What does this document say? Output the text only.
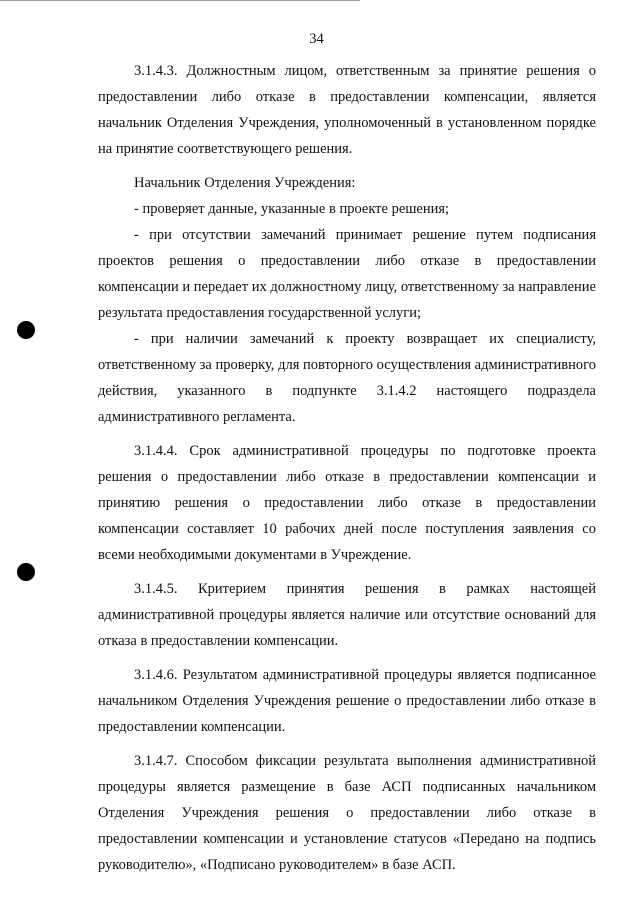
34

3.1.4.3. Должностным лицом, ответственным за принятие решения о предоставлении либо отказе в предоставлении компенсации, является начальник Отделения Учреждения, уполномоченный в установленном порядке на принятие соответствующего решения.

Начальник Отделения Учреждения:

- проверяет данные, указанные в проекте решения;

- при отсутствии замечаний принимает решение путем подписания проектов решения о предоставлении либо отказе в предоставлении компенсации и передает их должностному лицу, ответственному за направление результата предоставления государственной услуги;

- при наличии замечаний к проекту возвращает их специалисту, ответственному за проверку, для повторного осуществления административного действия, указанного в подпункте 3.1.4.2 настоящего подраздела административного регламента.

3.1.4.4. Срок административной процедуры по подготовке проекта решения о предоставлении либо отказе в предоставлении компенсации и принятию решения о предоставлении либо отказе в предоставлении компенсации составляет 10 рабочих дней после поступления заявления со всеми необходимыми документами в Учреждение.

3.1.4.5. Критерием принятия решения в рамках настоящей административной процедуры является наличие или отсутствие оснований для отказа в предоставлении компенсации.

3.1.4.6. Результатом административной процедуры является подписанное начальником Отделения Учреждения решение о предоставлении либо отказе в предоставлении компенсации.

3.1.4.7. Способом фиксации результата выполнения административной процедуры является размещение в базе АСП подписанных начальником Отделения Учреждения решения о предоставлении либо отказе в предоставлении компенсации и установление статусов «Передано на подпись руководителю», «Подписано руководителем» в базе АСП.
